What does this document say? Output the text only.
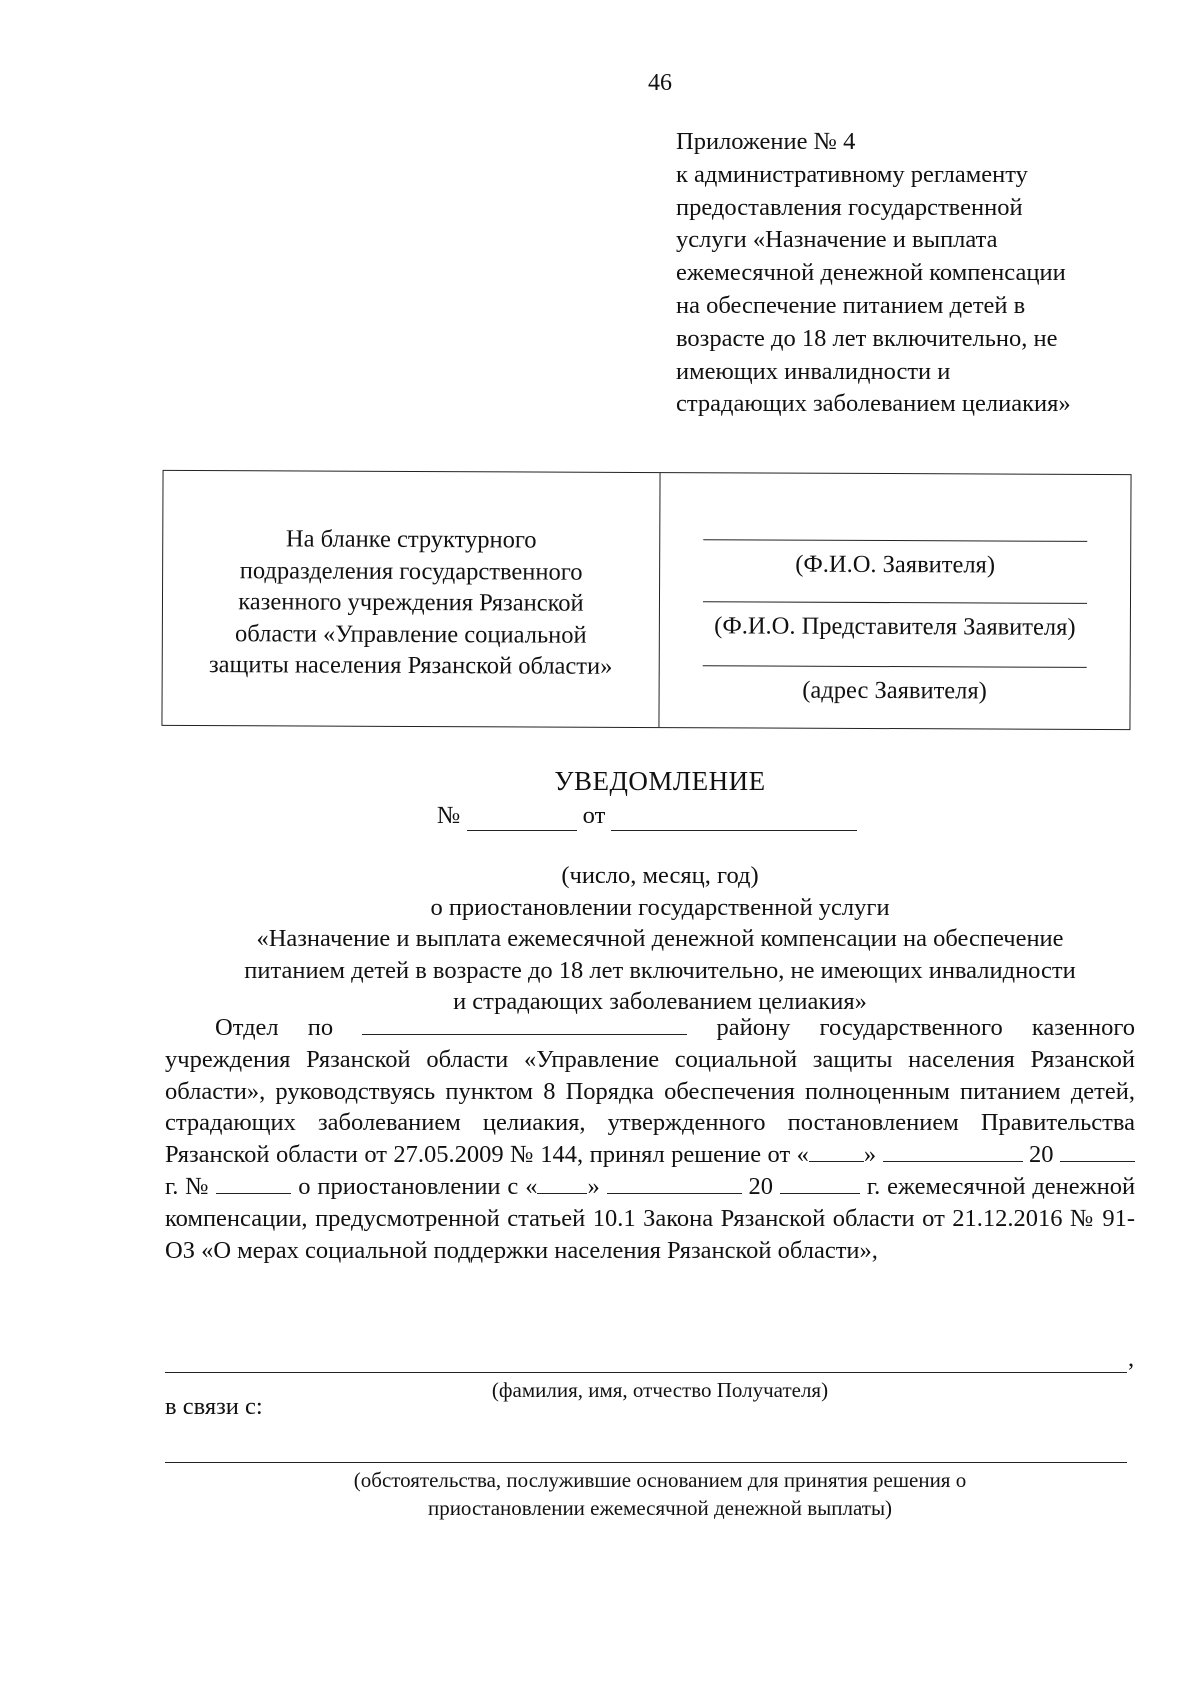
46
Приложение № 4
к административному регламенту
предоставления государственной
услуги «Назначение и выплата
ежемесячной денежной компенсации
на обеспечение питанием детей в
возрасте до 18 лет включительно, не
имеющих инвалидности и
страдающих заболеванием целиакия»
На бланке структурного
подразделения государственного
казенного учреждения Рязанской
области «Управление социальной
защиты населения Рязанской области»
(Ф.И.О. Заявителя)
(Ф.И.О. Представителя Заявителя)
(адрес Заявителя)
УВЕДОМЛЕНИЕ
№	от
(число, месяц, год)
о приостановлении государственной услуги
«Назначение и выплата ежемесячной денежной компенсации на обеспечение
питанием детей в возрасте до 18 лет включительно, не имеющих инвалидности
и страдающих заболеванием целиакия»

Отдел по	району государственного казенного учреждения Рязанской области «Управление социальной защиты населения Рязанской области», руководствуясь пунктом 8 Порядка обеспечения полноценным питанием детей, страдающих заболеванием целиакия, утвержденного постановлением Правительства Рязанской области от 27.05.2009 № 144, принял решение от « »	20  г. №	о приостановлении с « »	20	г. ежемесячной денежной компенсации, предусмотренной статьей 10.1 Закона Рязанской области от 21.12.2016 № 91-ОЗ «О мерах социальной поддержки населения Рязанской области»,

,
(фамилия, имя, отчество Получателя)
в связи с:
(обстоятельства, послужившие основанием для принятия решения о
приостановлении ежемесячной денежной выплаты)
